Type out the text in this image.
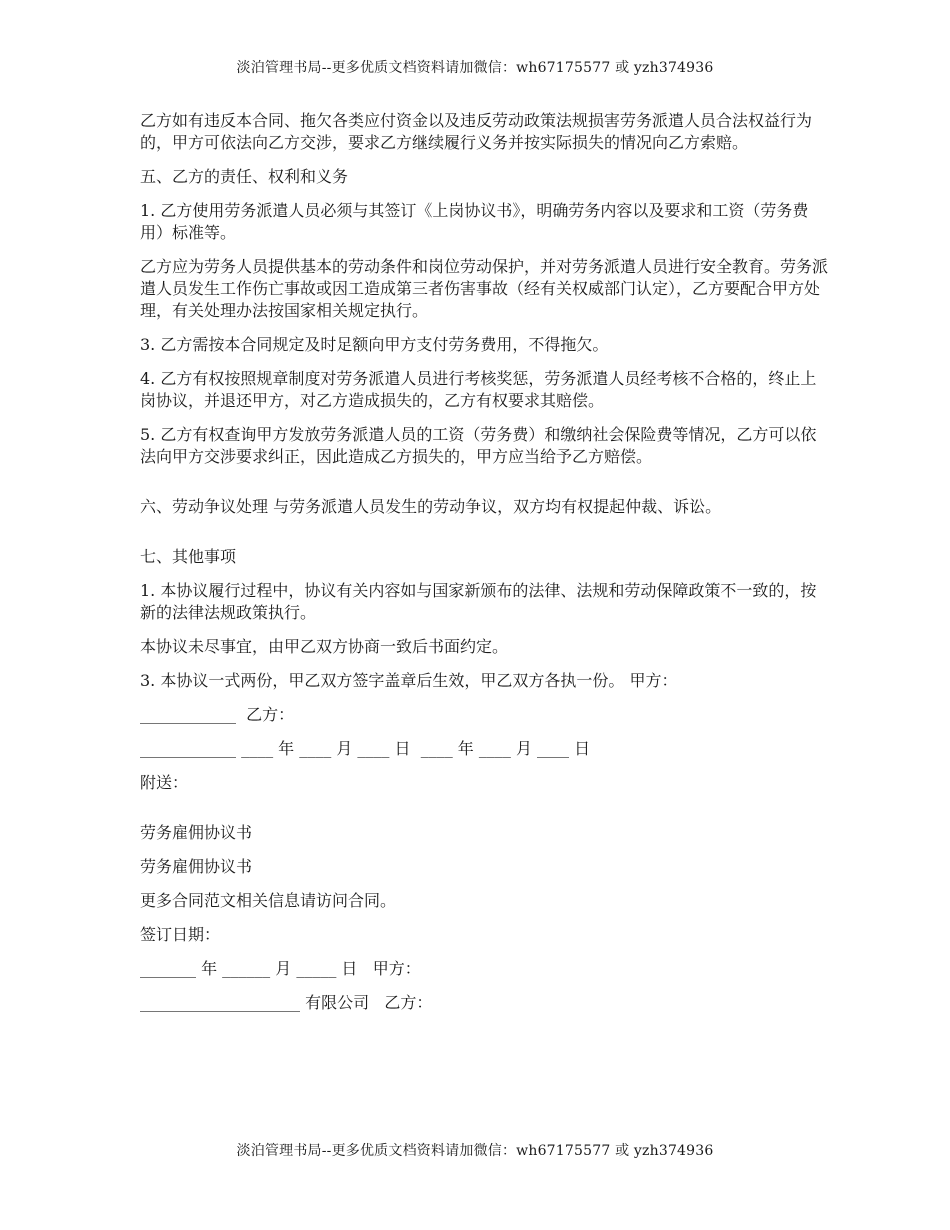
淡泊管理书局--更多优质文档资料请加微信：wh67175577 或 yzh374936

乙方如有违反本合同、拖欠各类应付资金以及违反劳动政策法规损害劳务派遣人员合法权益行为的，甲方可依法向乙方交涉，要求乙方继续履行义务并按实际损失的情况向乙方索赔。

五、乙方的责任、权利和义务

1. 乙方使用劳务派遣人员必须与其签订《上岗协议书》，明确劳务内容以及要求和工资（劳务费用）标准等。

乙方应为劳务人员提供基本的劳动条件和岗位劳动保护，并对劳务派遣人员进行安全教育。劳务派遣人员发生工作伤亡事故或因工造成第三者伤害事故（经有关权威部门认定），乙方要配合甲方处理，有关处理办法按国家相关规定执行。

3. 乙方需按本合同规定及时足额向甲方支付劳务费用，不得拖欠。

4. 乙方有权按照规章制度对劳务派遣人员进行考核奖惩，劳务派遣人员经考核不合格的，终止上岗协议，并退还甲方，对乙方造成损失的，乙方有权要求其赔偿。

5. 乙方有权查询甲方发放劳务派遣人员的工资（劳务费）和缴纳社会保险费等情况，乙方可以依法向甲方交涉要求纠正，因此造成乙方损失的，甲方应当给予乙方赔偿。

六、劳动争议处理 与劳务派遣人员发生的劳动争议，双方均有权提起仲裁、诉讼。

七、其他事项

1. 本协议履行过程中，协议有关内容如与国家新颁布的法律、法规和劳动保障政策不一致的，按新的法律法规政策执行。

本协议未尽事宜，由甲乙双方协商一致后书面约定。

3. 本协议一式两份，甲乙双方签字盖章后生效，甲乙双方各执一份。 甲方：

____________  乙方：

____________ ____ 年 ____ 月 ____ 日  ____ 年 ____ 月 ____ 日

附送：

劳务雇佣协议书

劳务雇佣协议书

更多合同范文相关信息请访问合同。

签订日期：

_______ 年 ______ 月 _____ 日   甲方：

____________________ 有限公司   乙方：

淡泊管理书局--更多优质文档资料请加微信：wh67175577 或 yzh374936
